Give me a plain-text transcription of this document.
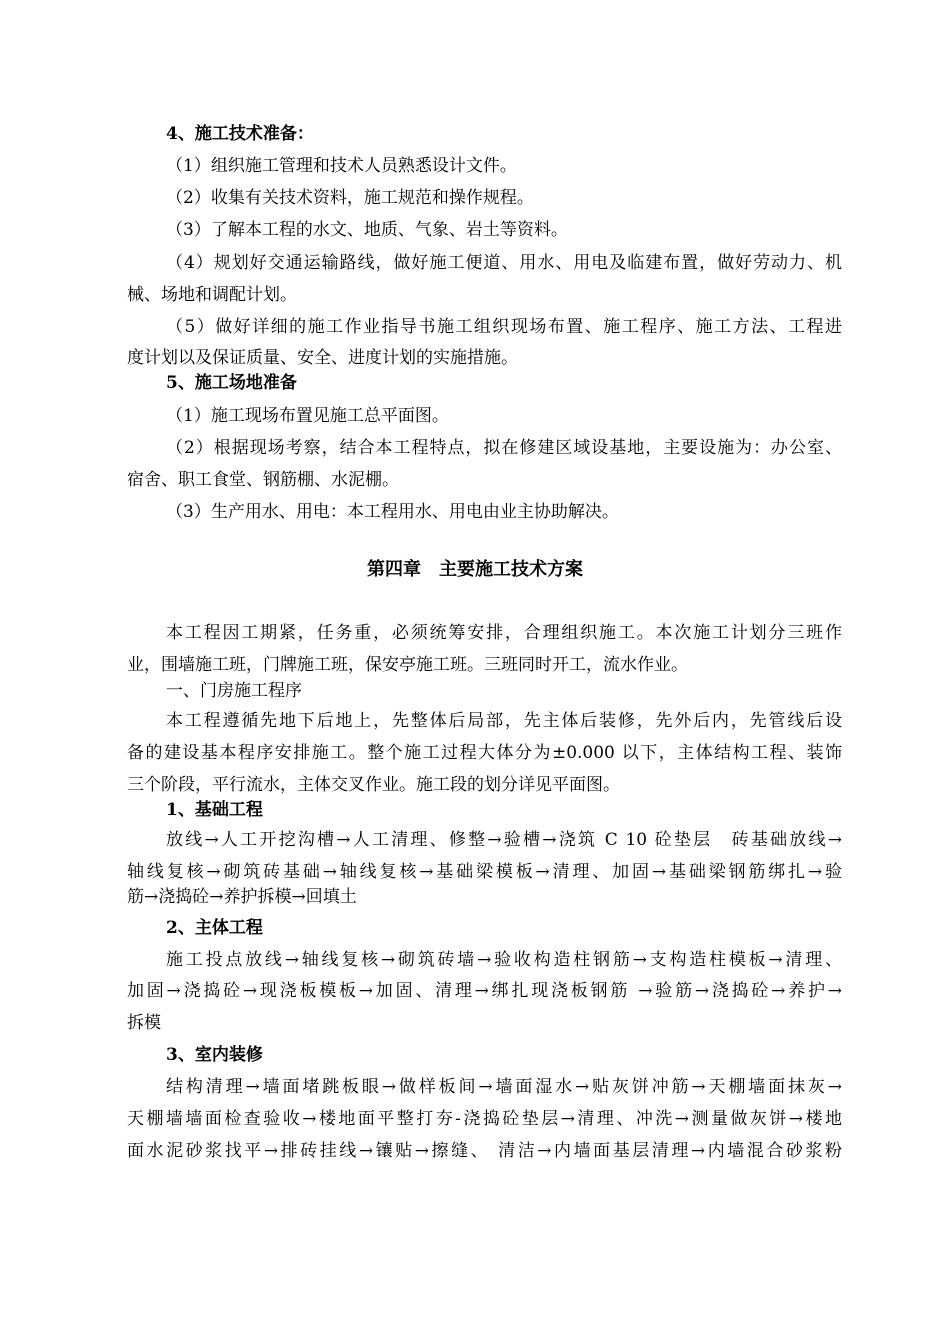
4、施工技术准备：
（1）组织施工管理和技术人员熟悉设计文件。
（2）收集有关技术资料，施工规范和操作规程。
（3）了解本工程的水文、地质、气象、岩土等资料。
（4）规划好交通运输路线，做好施工便道、用水、用电及临建布置，做好劳动力、机
械、场地和调配计划。
（5）做好详细的施工作业指导书施工组织现场布置、施工程序、施工方法、工程进
度计划以及保证质量、安全、进度计划的实施措施。
5、施工场地准备
（1）施工现场布置见施工总平面图。
（2）根据现场考察，结合本工程特点，拟在修建区域设基地，主要设施为：办公室、
宿舍、职工食堂、钢筋棚、水泥棚。
（3）生产用水、用电：本工程用水、用电由业主协助解决。
第四章　主要施工技术方案
本工程因工期紧，任务重，必须统筹安排，合理组织施工。本次施工计划分三班作
业，围墙施工班，门牌施工班，保安亭施工班。三班同时开工，流水作业。
一、门房施工程序
本工程遵循先地下后地上，先整体后局部，先主体后装修，先外后内，先管线后设
备的建设基本程序安排施工。整个施工过程大体分为±0.000 以下，主体结构工程、装饰
三个阶段，平行流水，主体交叉作业。施工段的划分详见平面图。
1、基础工程
放线→人工开挖沟槽→人工清理、修整→验槽→浇筑 C 10 砼垫层　砖基础放线→
轴线复核→砌筑砖基础→轴线复核→基础梁模板→清理、加固→基础梁钢筋绑扎→验
筋→浇捣砼→养护拆模→回填土
2、主体工程
施工投点放线→轴线复核→砌筑砖墙→验收构造柱钢筋→支构造柱模板→清理、
加固→浇捣砼→现浇板模板→加固、清理→绑扎现浇板钢筋 →验筋→浇捣砼→养护→
拆模
3、室内装修
结构清理→墙面堵跳板眼→做样板间→墙面湿水→贴灰饼冲筋→天棚墙面抹灰→
天棚墙墙面检查验收→楼地面平整打夯-浇捣砼垫层→清理、冲洗→测量做灰饼→楼地
面水泥砂浆找平→排砖挂线→镶贴→擦缝、 清洁→内墙面基层清理→内墙混合砂浆粉
